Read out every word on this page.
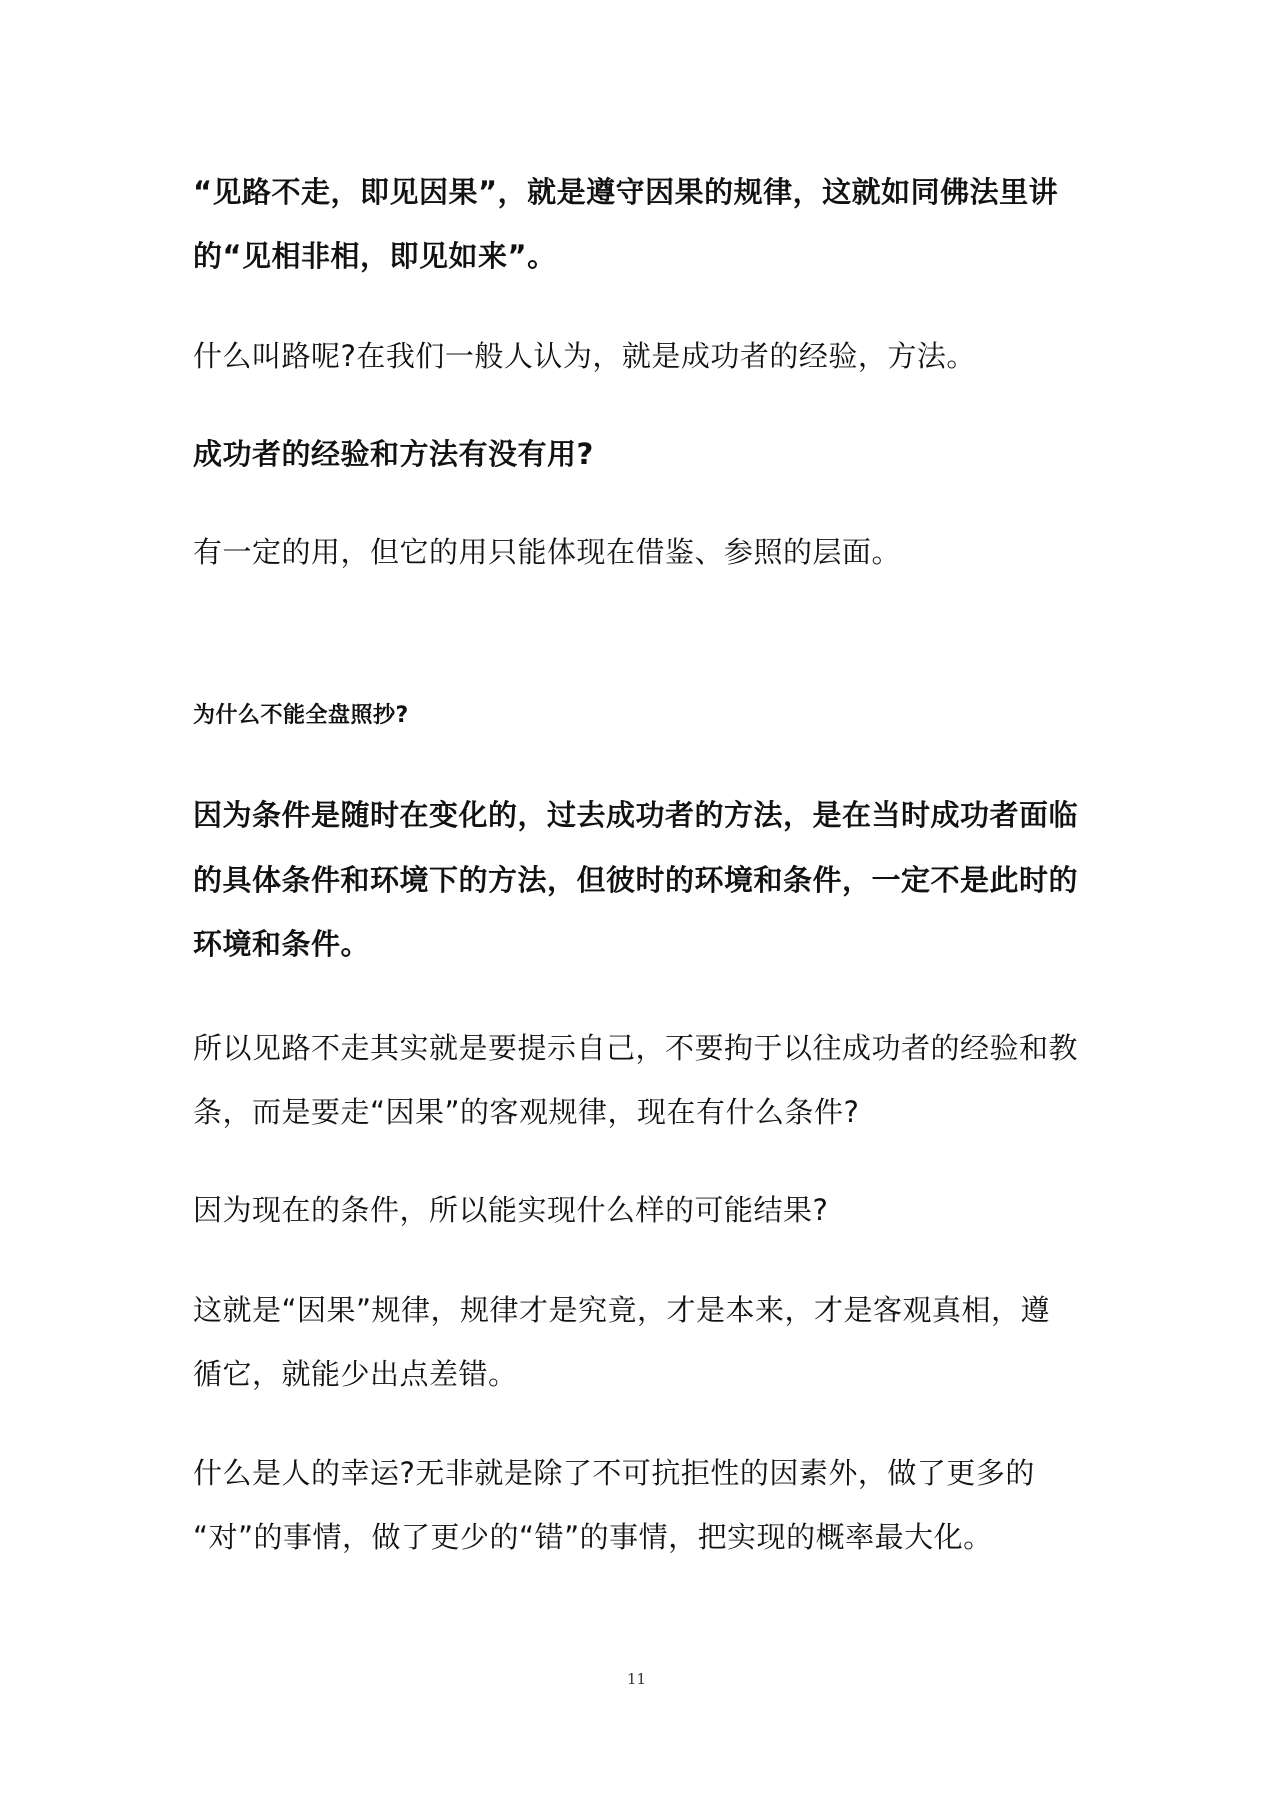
“见路不走，即见因果”，就是遵守因果的规律，这就如同佛法里讲

的“见相非相，即见如来”。

什么叫路呢?在我们一般人认为，就是成功者的经验，方法。

成功者的经验和方法有没有用?

有一定的用，但它的用只能体现在借鉴、参照的层面。

为什么不能全盘照抄?

因为条件是随时在变化的，过去成功者的方法，是在当时成功者面临

的具体条件和环境下的方法，但彼时的环境和条件，一定不是此时的

环境和条件。

所以见路不走其实就是要提示自己，不要拘于以往成功者的经验和教

条，而是要走“因果”的客观规律，现在有什么条件?

因为现在的条件，所以能实现什么样的可能结果?

这就是“因果”规律，规律才是究竟，才是本来，才是客观真相，遵

循它，就能少出点差错。

什么是人的幸运?无非就是除了不可抗拒性的因素外，做了更多的

“对”的事情，做了更少的“错”的事情，把实现的概率最大化。

11
